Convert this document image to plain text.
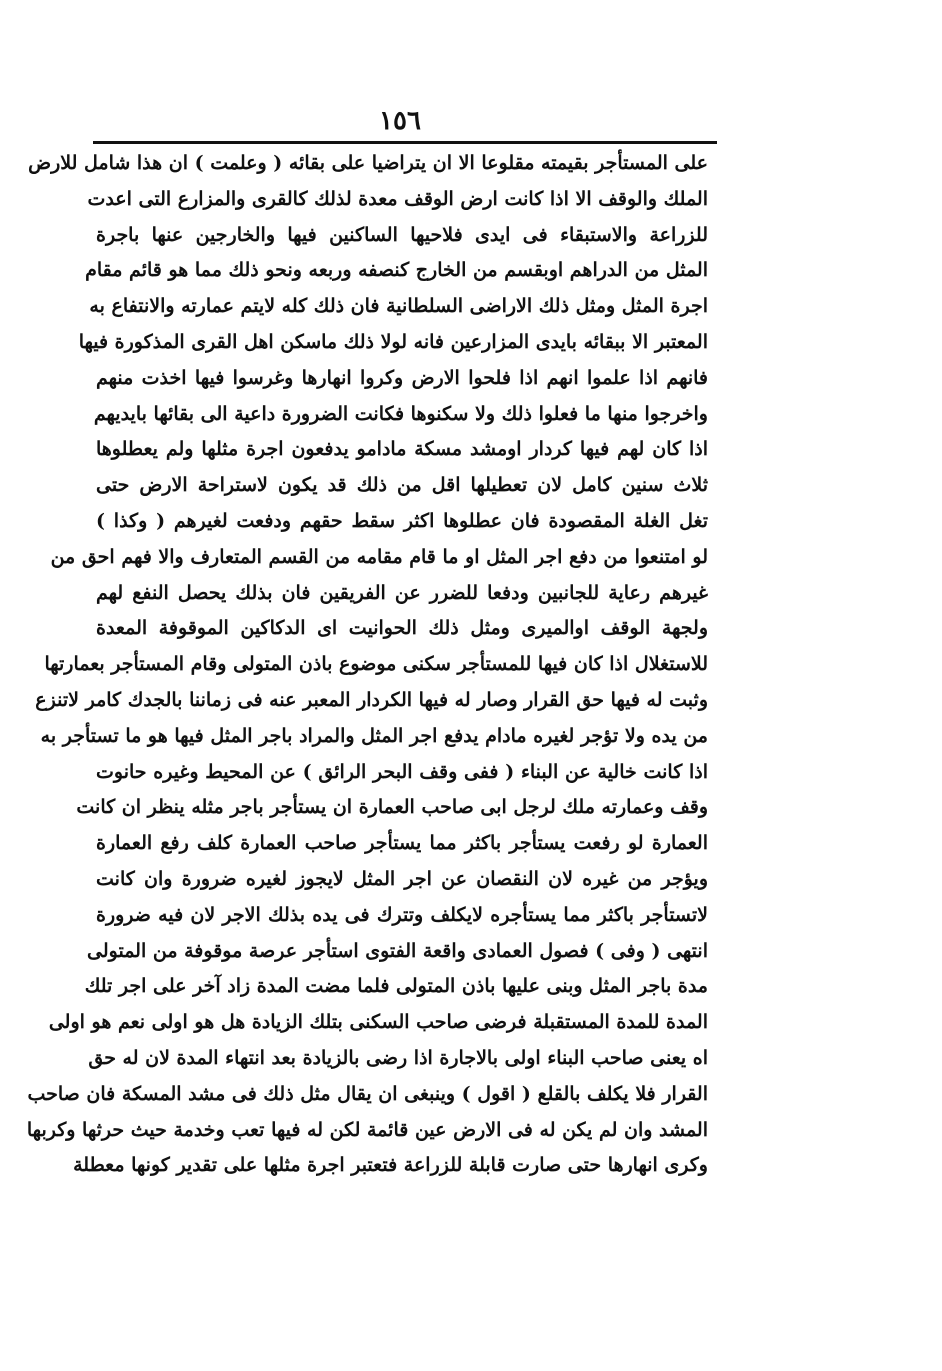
١٥٦
على المستأجر بقيمته مقلوعا الا ان يتراضيا على بقائه ( وعلمت ) ان هذا شامل للارض
الملك والوقف الا اذا كانت ارض الوقف معدة لذلك كالقرى والمزارع التى اعدت
للزراعة والاستبقاء فى ايدى فلاحيها الساكنين فيها والخارجين عنها باجرة
المثل من الدراهم اوبقسم من الخارج كنصفه وربعه ونحو ذلك مما هو قائم مقام
اجرة المثل ومثل ذلك الاراضى السلطانية فان ذلك كله لايتم عمارته والانتفاع به
المعتبر الا ببقائه بايدى المزارعين فانه لولا ذلك ماسكن اهل القرى المذكورة فيها
فانهم اذا علموا انهم اذا فلحوا الارض وكروا انهارها وغرسوا فيها اخذت منهم
واخرجوا منها ما فعلوا ذلك ولا سكنوها فكانت الضرورة داعية الى بقائها بايديهم
اذا كان لهم فيها كردار اومشد مسكة مادامو يدفعون اجرة مثلها ولم يعطلوها
ثلاث سنين كامل لان تعطيلها اقل من ذلك قد يكون لاستراحة الارض حتى
تغل الغلة المقصودة فان عطلوها اكثر سقط حقهم ودفعت لغيرهم ( وكذا )
لو امتنعوا من دفع اجر المثل او ما قام مقامه من القسم المتعارف والا فهم احق من
غيرهم رعاية للجانبين ودفعا للضرر عن الفريقين فان بذلك يحصل النفع لهم
ولجهة الوقف اوالميرى ومثل ذلك الحوانيت اى الدكاكين الموقوفة المعدة
للاستغلال اذا كان فيها للمستأجر سكنى موضوع باذن المتولى وقام المستأجر بعمارتها
وثبت له فيها حق القرار وصار له فيها الكردار المعبر عنه فى زماننا بالجدك كامر لاتنزع
من يده ولا تؤجر لغيره مادام يدفع اجر المثل والمراد باجر المثل فيها هو ما تستأجر به
اذا كانت خالية عن البناء ( ففى وقف البحر الرائق ) عن المحيط وغيره حانوت
وقف وعمارته ملك لرجل ابى صاحب العمارة ان يستأجر باجر مثله ينظر ان كانت
العمارة لو رفعت يستأجر باكثر مما يستأجر صاحب العمارة كلف رفع العمارة
ويؤجر من غيره لان النقصان عن اجر المثل لايجوز لغيره ضرورة وان كانت
لاتستأجر باكثر مما يستأجره لايكلف وتترك فى يده بذلك الاجر لان فيه ضرورة
انتهى ( وفى ) فصول العمادى واقعة الفتوى استأجر عرصة موقوفة من المتولى
مدة باجر المثل وبنى عليها باذن المتولى فلما مضت المدة زاد آخر على اجر تلك
المدة للمدة المستقبلة فرضى صاحب السكنى بتلك الزيادة هل هو اولى نعم هو اولى
اه يعنى صاحب البناء اولى بالاجارة اذا رضى بالزيادة بعد انتهاء المدة لان له حق
القرار فلا يكلف بالقلع ( اقول ) وينبغى ان يقال مثل ذلك فى مشد المسكة فان صاحب
المشد وان لم يكن له فى الارض عين قائمة لكن له فيها تعب وخدمة حيث حرثها وكربها
وكرى انهارها حتى صارت قابلة للزراعة فتعتبر اجرة مثلها على تقدير كونها معطلة
